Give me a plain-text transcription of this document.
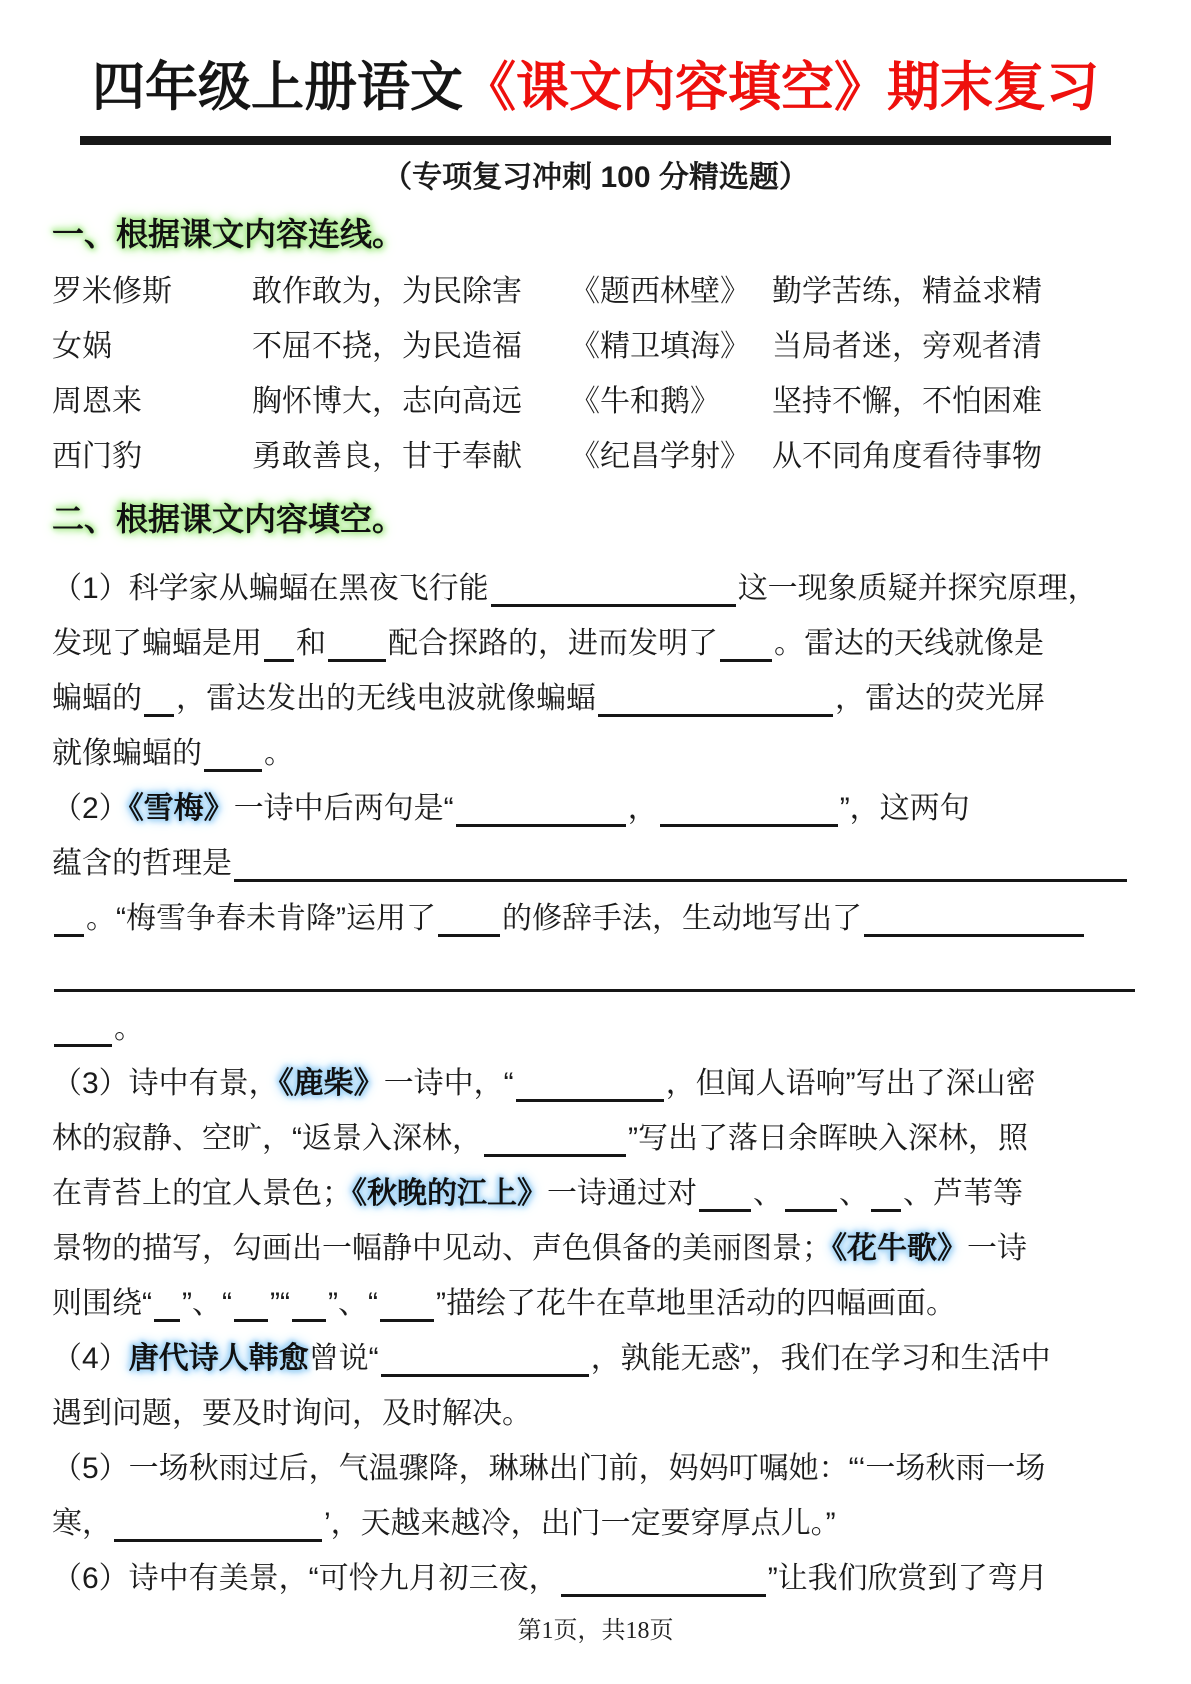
四年级上册语文《课文内容填空》期末复习
（专项复习冲刺 100 分精选题）
一、根据课文内容连线。
罗米修斯	敢作敢为，为民除害	《题西林壁》 勤学苦练，精益求精
女娲	不屈不挠，为民造福	《精卫填海》 当局者迷，旁观者清
周恩来	胸怀博大，志向高远	《牛和鹅》	坚持不懈，不怕困难
西门豹	勇敢善良，甘于奉献	《纪昌学射》 从不同角度看待事物
二、根据课文内容填空。
（1）科学家从蝙蝠在黑夜飞行能	这一现象质疑并探究原理，
发现了蝙蝠是用 和 配合探路的，进而发明了 。雷达的天线就像是
蝙蝠的 ，雷达发出的无线电波就像蝙蝠	，雷达的荧光屏
就像蝙蝠的 。
（2）《雪梅》一诗中后两句是“	，	”，这两句
蕴含的哲理是
。“梅雪争春未肯降”运用了 的修辞手法，生动地写出了
。
（3）诗中有景，《鹿柴》一诗中，“	，但闻人语响”写出了深山密
林的寂静、空旷，“返景入深林，	”写出了落日余晖映入深林，照
在青苔上的宜人景色；《秋晚的江上》一诗通过对 、 、 、芦苇等
景物的描写，勾画出一幅静中见动、声色俱备的美丽图景；《花牛歌》一诗
则围绕“ ”、“ ”“ ”、“ ”描绘了花牛在草地里活动的四幅画面。
（4）唐代诗人韩愈曾说“	，孰能无惑”，我们在学习和生活中
遇到问题，要及时询问，及时解决。
（5）一场秋雨过后，气温骤降，琳琳出门前，妈妈叮嘱她：“‘一场秋雨一场
寒，	’，天越来越冷，出门一定要穿厚点儿。”
（6）诗中有美景，“可怜九月初三夜，	”让我们欣赏到了弯月
第1页，共18页
